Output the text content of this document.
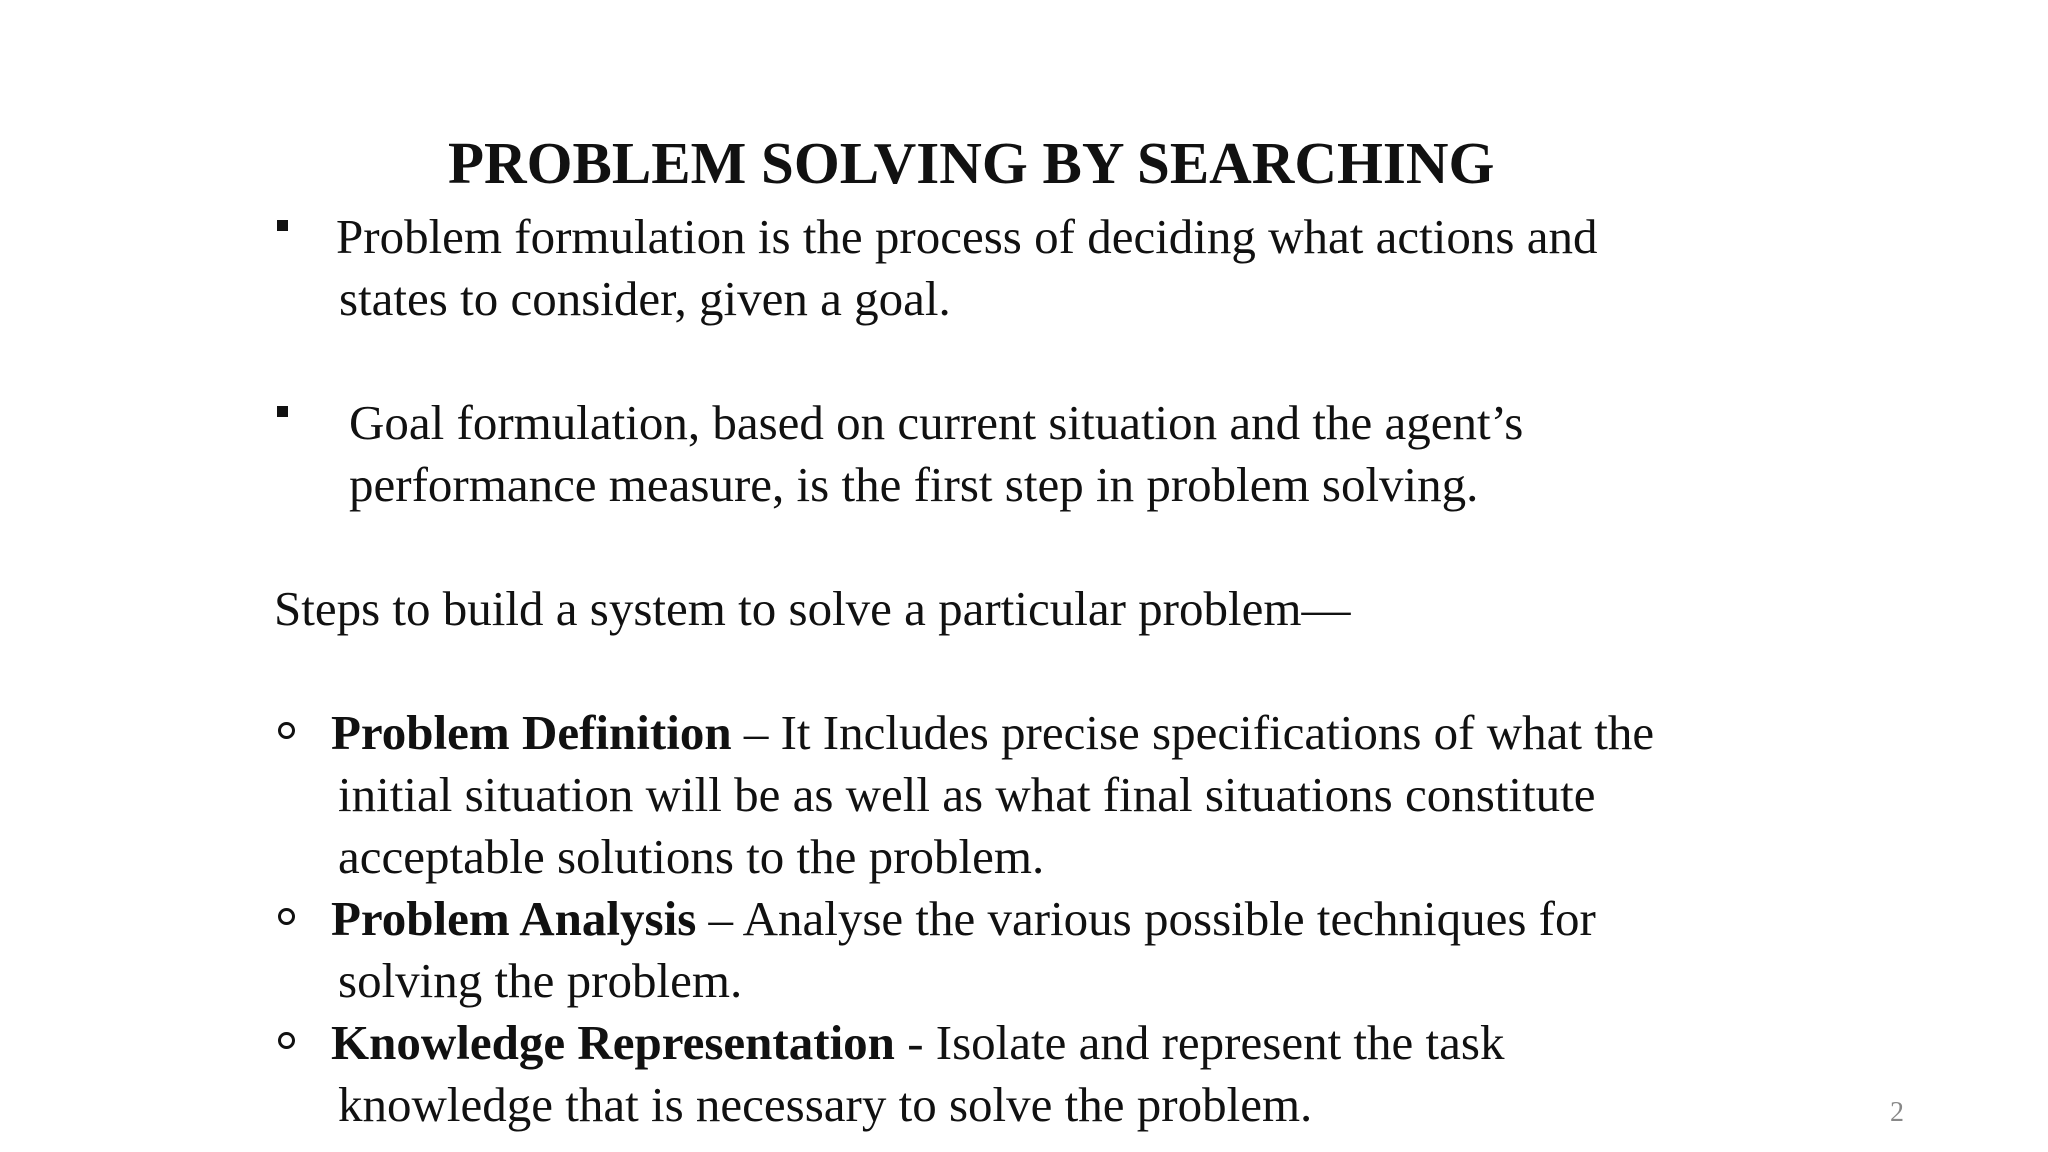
PROBLEM SOLVING BY SEARCHING
Problem formulation is the process of deciding what actions and
states to consider, given a goal.
Goal formulation, based on current situation and the agent’s
performance measure, is the first step in problem solving.
Steps to build a system to solve a particular problem—
Problem Definition – It Includes precise specifications of what the
initial situation will be as well as what final situations constitute
acceptable solutions to the problem.
Problem Analysis – Analyse the various possible techniques for
solving the problem.
Knowledge Representation - Isolate and represent the task
knowledge that is necessary to solve the problem.	2
